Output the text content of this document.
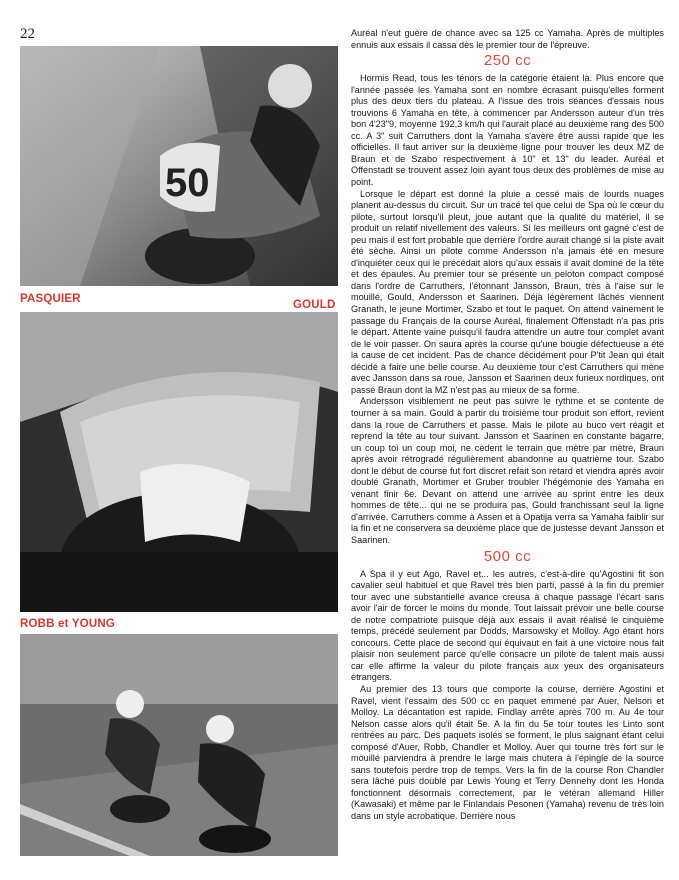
22
50
PASQUIER	GOULD
ROBB et YOUNG

Auréal n'eut guère de chance avec sa 125 cc Yamaha. Après de multiples ennuis aux essais il cassa dès le premier tour de l'épreuve.

250 cc

Hormis Read, tous les ténors de la catégorie étaient là. Plus encore que l'année passée les Yamaha sont en nombre écrasant puisqu'elles forment plus des deux tiers du plateau. A l'issue des trois séances d'essais nous trouvions 6 Yamaha en tête, à commencer par Andersson auteur d'un très bon 4'23"9, moyenne 192,3 km/h qui l'aurait placé au deuxième rang des 500 cc. A 3" suit Carruthers dont la Yamaha s'avère être aussi rapide que les officielles. Il faut arriver sur la deuxième ligne pour trouver les deux MZ de Braun et de Szabo respectivement à 10" et 13" du leader. Auréal et Offenstadt se trouvent assez loin ayant tous deux des problèmes de mise au point.

Lorsque le départ est donné la pluie a cessé mais de lourds nuages planent au-dessus du circuit. Sur un tracé tel que celui de Spa où le cœur du pilote, surtout lorsqu'il pleut, joue autant que la qualité du matériel, il se produit un relatif nivellement des valeurs. Si les meilleurs ont gagné c'est de peu mais il est fort probable que derrière l'ordre aurait changé si la piste avait été sèche. Ainsi un pilote comme Andersson n'a jamais été en mesure d'inquiéter ceux qui le précédait alors qu'aux essais il avait dominé de la tête et des épaules. Au premier tour se présente un peloton compact composé dans l'ordre de Carruthers, l'étonnant Jansson, Braun, très à l'aise sur le mouillé, Gould, Andersson et Saarinen. Déjà légèrement lâchés viennent Granath, le jeune Mortimer, Szabo et tout le paquet. On attend vainement le passage du Français de la course Auréal, finalement Offenstadt n'a pas pris le départ. Attente vaine puisqu'il faudra attendre un autre tour complet avant de le voir passer. On saura après la course qu'une bougie défectueuse a été la cause de cet incident. Pas de chance décidément pour P'tit Jean qui était décidé à faire une belle course. Au deuxième tour c'est Carruthers qui mène avec Jansson dans sa roue, Jansson et Saarinen deux furieux nordiques, ont passé Braun dont la MZ n'est pas au mieux de sa forme.

Andersson visiblement ne peut pas suivre le rythme et se contente de tourner à sa main. Gould à partir du troisième tour produit son effort, revient dans la roue de Carruthers et passe. Mais le pilote au buco vert réagit et reprend la tête au tour suivant. Jansson et Saarinen en constante bagarre, un coup toi un coup moi, ne cèdent le terrain que mètre par mètre, Braun après avoir rétrogradé régulièrement abandonne au quatrième tour. Szabo dont le début de course fut fort discret refait son retard et viendra après avoir doublé Granath, Mortimer et Gruber troubler l'hégémonie des Yamaha en venant finir 6e. Devant on attend une arrivée au sprint entre les deux hommes de tête... qui ne se produira pas, Gould franchissant seul la ligne d'arrivée. Carruthers comme à Assen et à Opatija verra sa Yamaha faiblir sur la fin et ne conservera sa deuxième place que de justesse devant Jansson et Saarinen.

500 cc

A Spa il y eut Ago, Ravel et... les autres, c'est-à-dire qu'Agostini fit son cavalier seul habituel et que Ravel très bien parti, passé à la fin du premier tour avec une substantielle avance creusa à chaque passage l'écart sans avoir l'air de forcer le moins du monde. Tout laissait prévoir une belle course de notre compatriote puisque déjà aux essais il avait réalisé le cinquième temps, précédé seulement par Dodds, Marsowsky et Molloy. Ago étant hors concours. Cette place de second qui équivaut en fait à une victoire nous fait plaisir non seulement parce qu'elle consacre un pilote de talent mais aussi car elle affirme la valeur du pilote français aux yeux des organisateurs étrangers.

Au premier des 13 tours que comporte la course, derrière Agostini et Ravel, vient l'essaim des 500 cc en paquet emmené par Auer, Nelson et Molloy. La décantation est rapide. Findlay arrête après 700 m. Au 4e tour Nelson casse alors qu'il était 5e. A la fin du 5e tour toutes les Linto sont rentrées au parc. Des paquets isolés se forment, le plus saignant étant celui composé d'Auer, Robb, Chandler et Molloy. Auer qui tourne très fort sur le mouillé parviendra à prendre le large mais chutera à l'épingle de la source sans toutefois perdre trop de temps. Vers la fin de la course Ron Chandler sera lâché puis doublé par Lewis Young et Terry Dennehy dont les Honda fonctionnent désormais correctement, par le vétéran allemand Hiller (Kawasaki) et même par le Finlandais Pesonen (Yamaha) revenu de très loin dans un style acrobatique. Derrière nous
